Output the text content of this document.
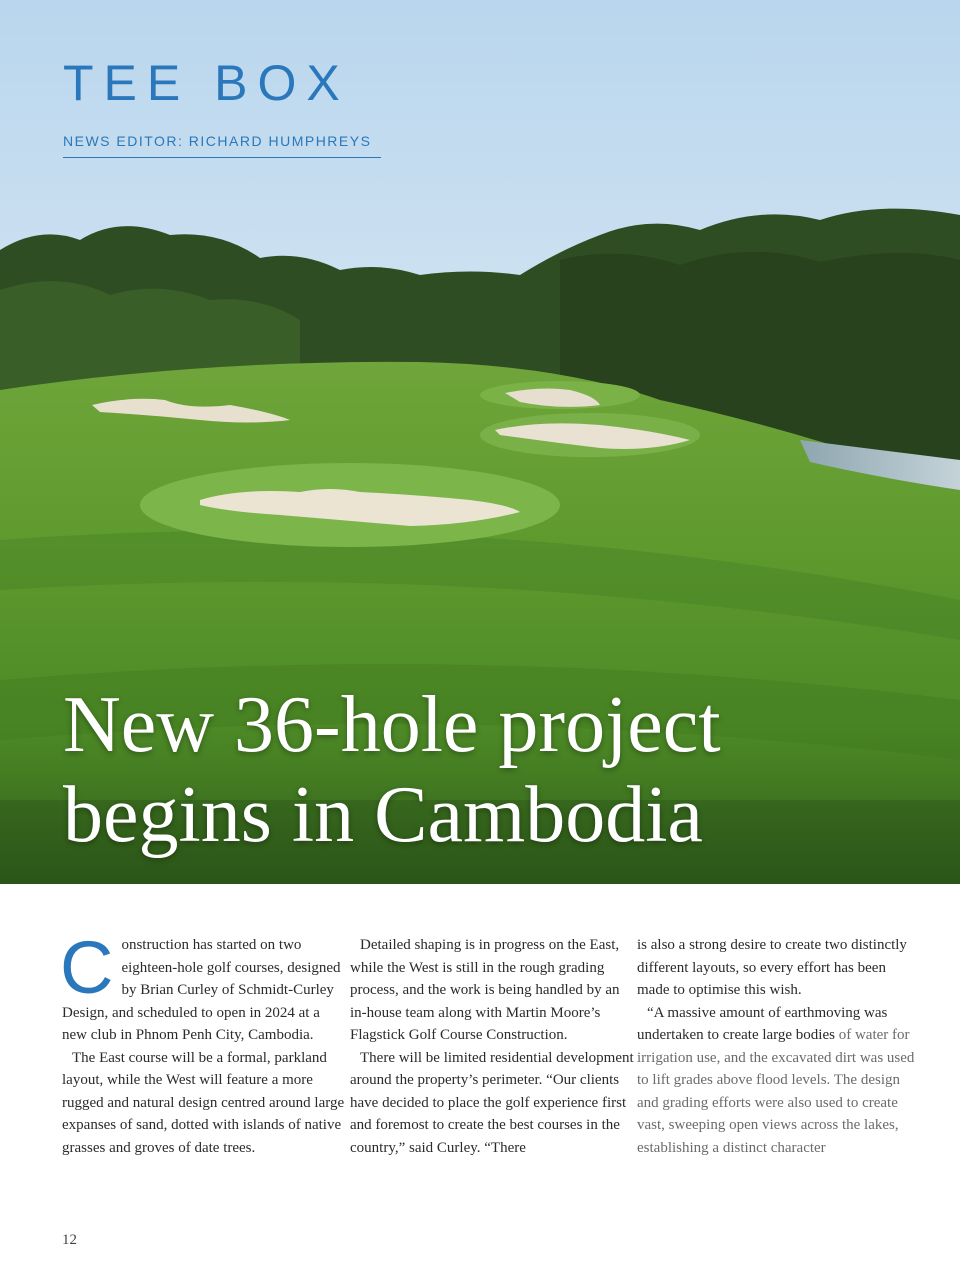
TEE BOX
NEWS EDITOR: RICHARD HUMPHREYS
New 36-hole project begins in Cambodia

Construction has started on two eighteen-hole golf courses, designed by Brian Curley of Schmidt-Curley Design, and scheduled to open in 2024 at a new club in Phnom Penh City, Cambodia.

The East course will be a formal, parkland layout, while the West will feature a more rugged and natural design centred around large expanses of sand, dotted with islands of native grasses and groves of date trees.

Detailed shaping is in progress on the East, while the West is still in the rough grading process, and the work is being handled by an in-house team along with Martin Moore’s Flagstick Golf Course Construction.

There will be limited residential development around the property’s perimeter. “Our clients have decided to place the golf experience first and foremost to create the best courses in the country,” said Curley. “There

is also a strong desire to create two distinctly different layouts, so every effort has been made to optimise this wish.

“A massive amount of earthmoving was undertaken to create large bodies of water for irrigation use, and the excavated dirt was used to lift grades above flood levels. The design and grading efforts were also used to create vast, sweeping open views across the lakes, establishing a distinct character

12
